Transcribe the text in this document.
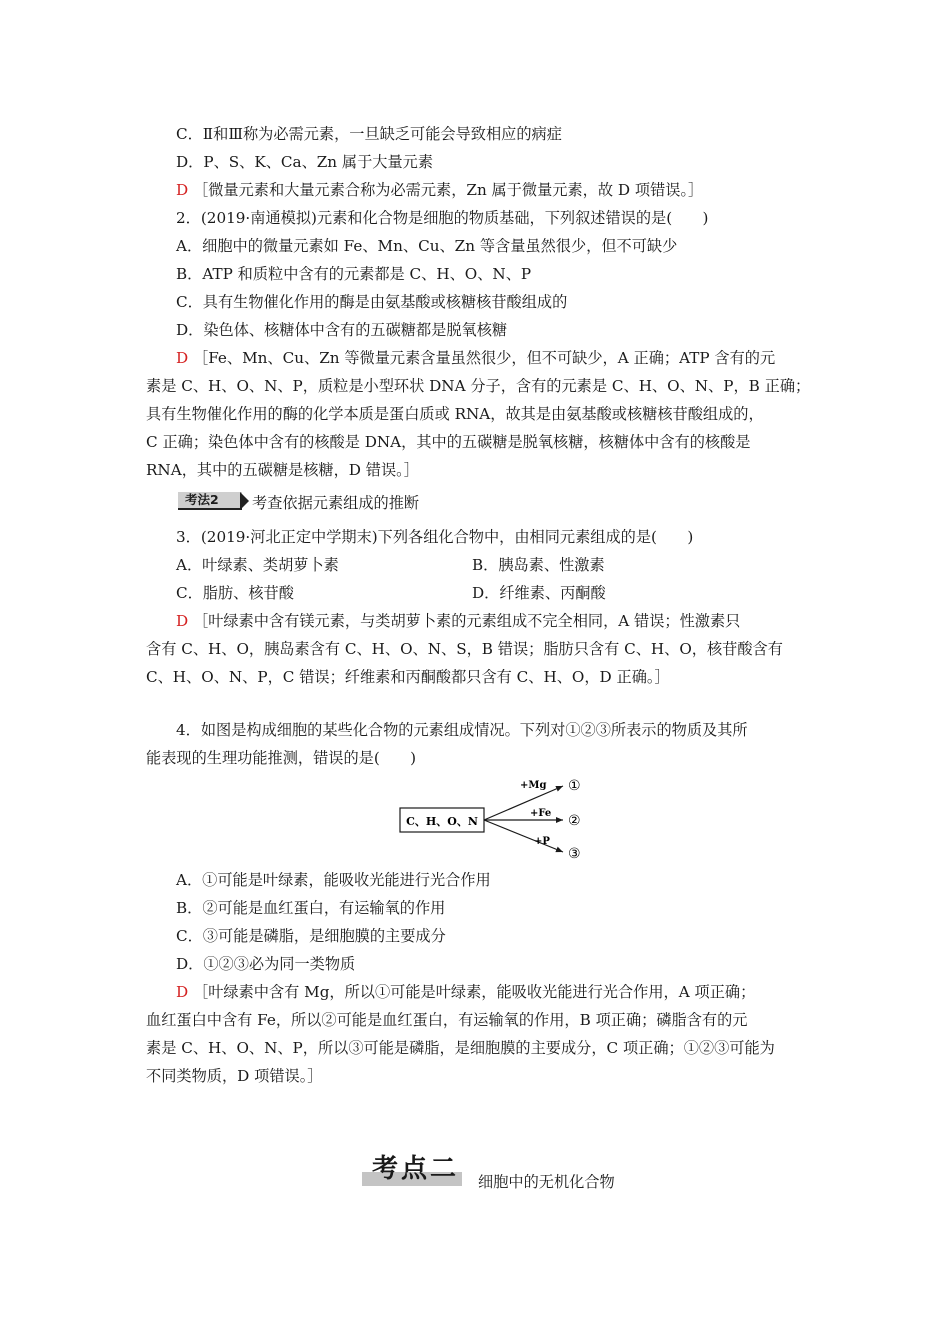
C．Ⅱ和Ⅲ称为必需元素，一旦缺乏可能会导致相应的病症
D．P、S、K、Ca、Zn 属于大量元素
D ［微量元素和大量元素合称为必需元素，Zn 属于微量元素，故 D 项错误。］
2．(2019·南通模拟)元素和化合物是细胞的物质基础，下列叙述错误的是(　　)
A．细胞中的微量元素如 Fe、Mn、Cu、Zn 等含量虽然很少，但不可缺少
B．ATP 和质粒中含有的元素都是 C、H、O、N、P
C．具有生物催化作用的酶是由氨基酸或核糖核苷酸组成的
D．染色体、核糖体中含有的五碳糖都是脱氧核糖
D ［Fe、Mn、Cu、Zn 等微量元素含量虽然很少，但不可缺少，A 正确；ATP 含有的元
素是 C、H、O、N、P，质粒是小型环状 DNA 分子，含有的元素是 C、H、O、N、P，B 正确；
具有生物催化作用的酶的化学本质是蛋白质或 RNA，故其是由氨基酸或核糖核苷酸组成的，
C 正确；染色体中含有的核酸是 DNA，其中的五碳糖是脱氧核糖，核糖体中含有的核酸是
RNA，其中的五碳糖是核糖，D 错误。］
考法2	考查依据元素组成的推断
3．(2019·河北正定中学期末)下列各组化合物中，由相同元素组成的是(　　)
A．叶绿素、类胡萝卜素	B．胰岛素、性激素
C．脂肪、核苷酸	D．纤维素、丙酮酸
D ［叶绿素中含有镁元素，与类胡萝卜素的元素组成不完全相同，A 错误；性激素只
含有 C、H、O，胰岛素含有 C、H、O、N、S，B 错误；脂肪只含有 C、H、O，核苷酸含有
C、H、O、N、P，C 错误；纤维素和丙酮酸都只含有 C、H、O，D 正确。］
4．如图是构成细胞的某些化合物的元素组成情况。下列对①②③所表示的物质及其所
能表现的生理功能推测，错误的是(　　)
C、H、O、N
+Mg
+Fe
+P
①
②
③
A．①可能是叶绿素，能吸收光能进行光合作用
B．②可能是血红蛋白，有运输氧的作用
C．③可能是磷脂，是细胞膜的主要成分
D．①②③必为同一类物质
D ［叶绿素中含有 Mg，所以①可能是叶绿素，能吸收光能进行光合作用，A 项正确；
血红蛋白中含有 Fe，所以②可能是血红蛋白，有运输氧的作用，B 项正确；磷脂含有的元
素是 C、H、O、N、P，所以③可能是磷脂，是细胞膜的主要成分，C 项正确；①②③可能为
不同类物质，D 项错误。］
考点二 细胞中的无机化合物
